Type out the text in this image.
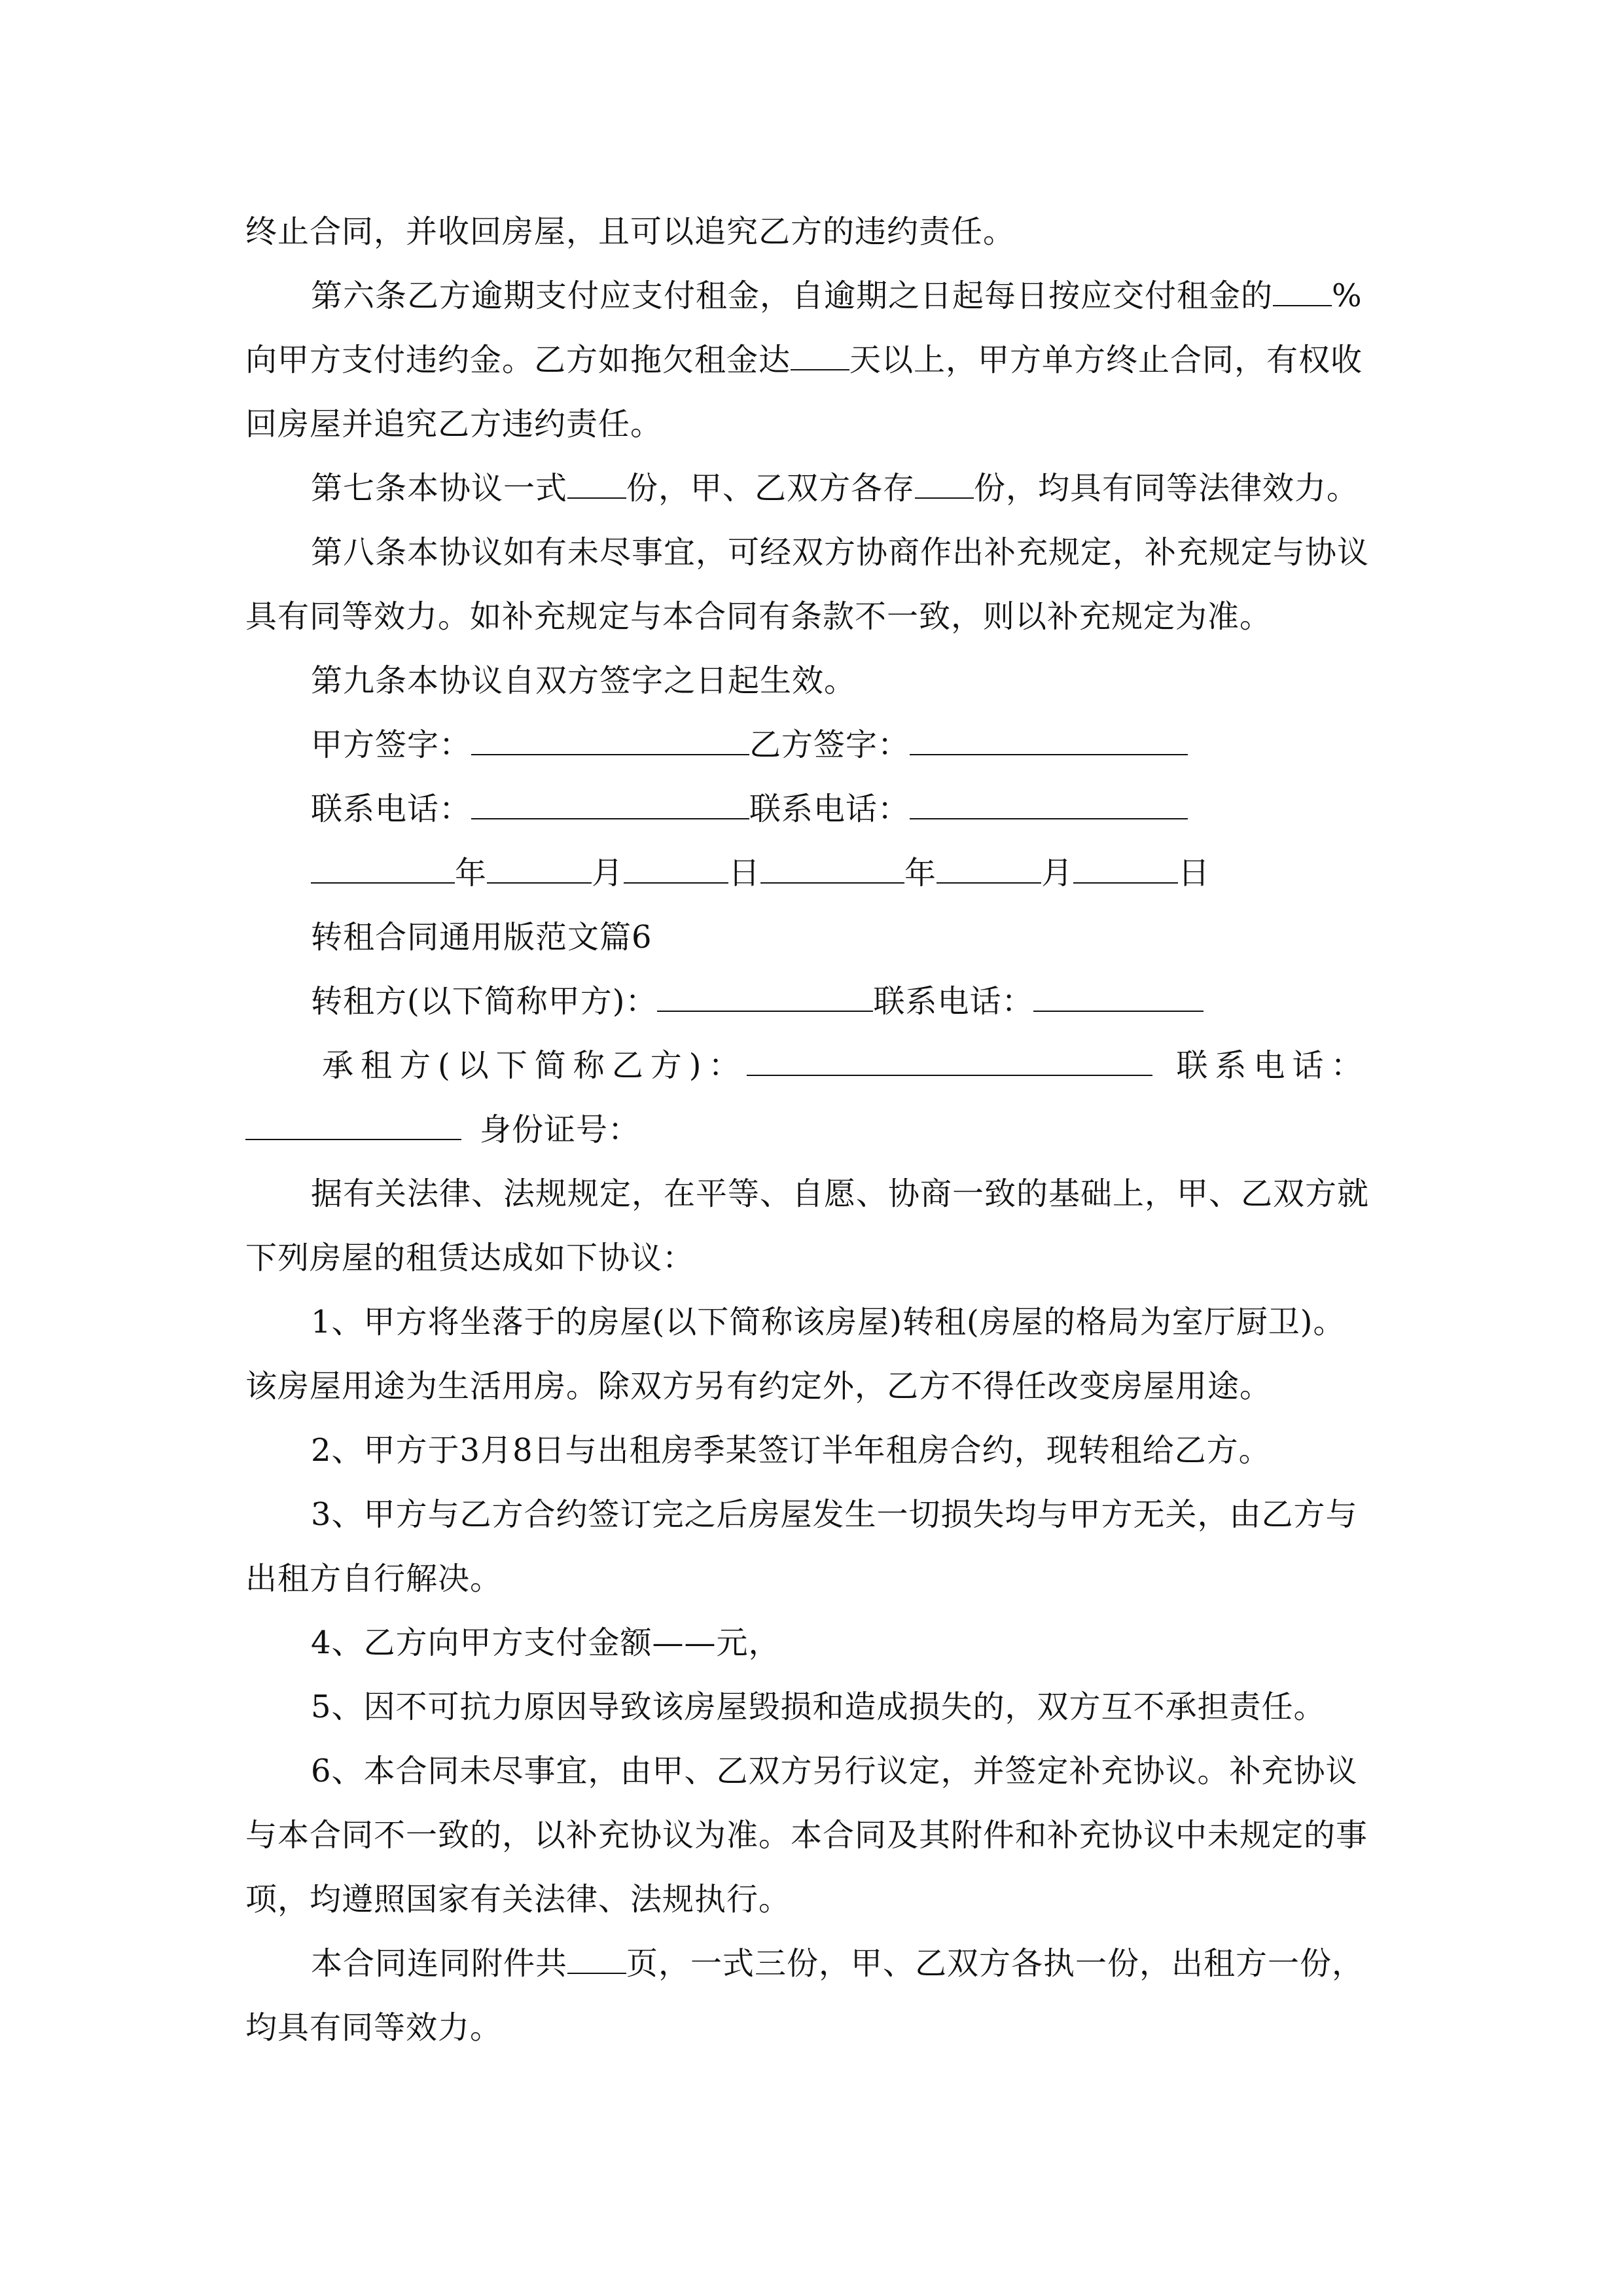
终止合同，并收回房屋，且可以追究乙方的违约责任。
第六条乙方逾期支付应支付租金，自逾期之日起每日按应交付租金的 %
向甲方支付违约金。乙方如拖欠租金达 天以上，甲方单方终止合同，有权收
回房屋并追究乙方违约责任。
第七条本协议一式 份，甲、乙双方各存 份，均具有同等法律效力。
第八条本协议如有未尽事宜，可经双方协商作出补充规定，补充规定与协议
具有同等效力。如补充规定与本合同有条款不一致，则以补充规定为准。
第九条本协议自双方签字之日起生效。
甲方签字：	乙方签字：
联系电话：	联系电话：
年	月	日	年	月	日
转租合同通用版范文篇6
转租方(以下简称甲方)：	联系电话：
承租方(以下简称乙方)：	联系电话：
身份证号：
据有关法律、法规规定，在平等、自愿、协商一致的基础上，甲、乙双方就
下列房屋的租赁达成如下协议：
1、甲方将坐落于的房屋(以下简称该房屋)转租(房屋的格局为室厅厨卫)。
该房屋用途为生活用房。除双方另有约定外，乙方不得任改变房屋用途。
2、甲方于3月8日与出租房季某签订半年租房合约，现转租给乙方。
3、甲方与乙方合约签订完之后房屋发生一切损失均与甲方无关，由乙方与
出租方自行解决。
4、乙方向甲方支付金额——元，
5、因不可抗力原因导致该房屋毁损和造成损失的，双方互不承担责任。
6、本合同未尽事宜，由甲、乙双方另行议定，并签定补充协议。补充协议
与本合同不一致的，以补充协议为准。本合同及其附件和补充协议中未规定的事
项，均遵照国家有关法律、法规执行。
本合同连同附件共 页，一式三份，甲、乙双方各执一份，出租方一份，
均具有同等效力。
